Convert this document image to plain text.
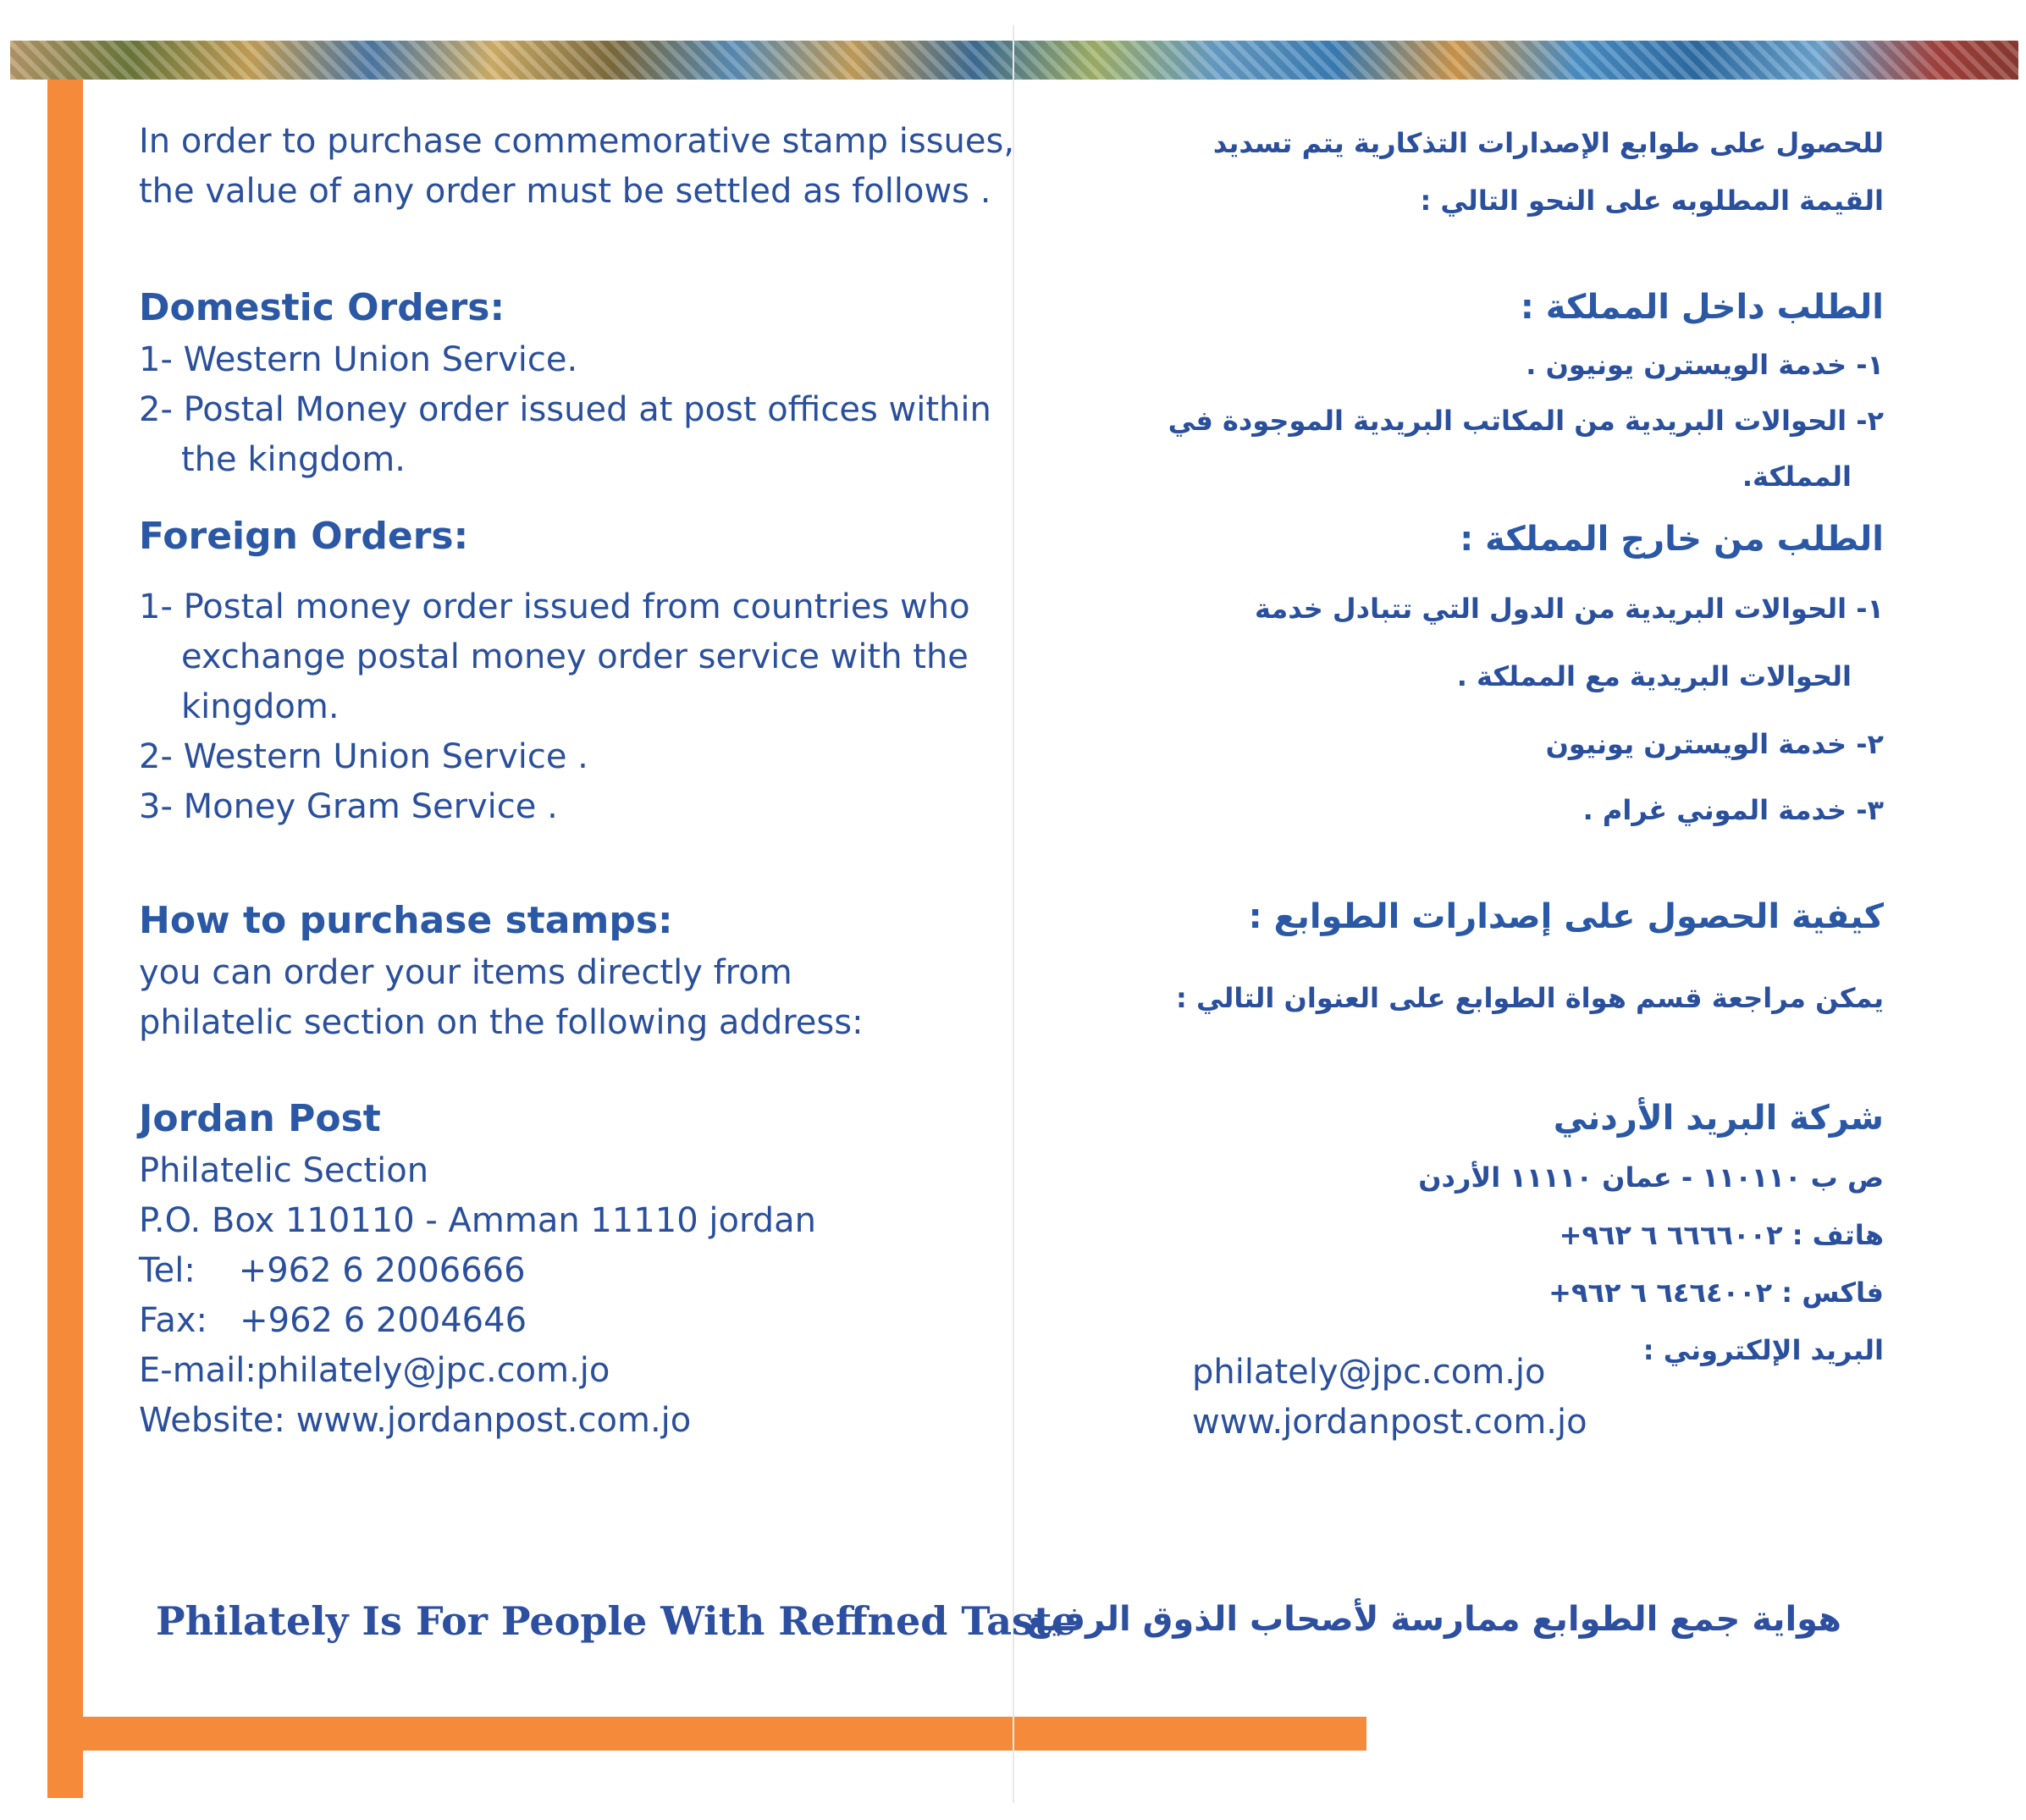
In order to purchase commemorative stamp issues,
the value of any order must be settled as follows .
Domestic Orders:
1- Western Union Service.
2- Postal Money order issued at post offices within
the kingdom.
Foreign Orders:
1- Postal money order issued from countries who
exchange postal money order service with the
kingdom.
2- Western Union Service .
3- Money Gram Service .
How to purchase stamps:
you can order your items directly from
philatelic section on the following address:
Jordan Post
Philatelic Section
P.O. Box 110110 - Amman 11110 jordan
Tel:    +962 6 2006666
Fax:   +962 6 2004646
E-mail:philately@jpc.com.jo
Website: www.jordanpost.com.jo
Philately Is For People With Reffned Taste
للحصول على طوابع الإصدارات التذكارية يتم تسديد
القيمة المطلوبه على النحو التالي :
الطلب داخل المملكة :
١- خدمة الويسترن يونيون .
٢- الحوالات البريدية من المكاتب البريدية الموجودة في
المملكة.
الطلب من خارج المملكة :
١- الحوالات البريدية من الدول التي تتبادل خدمة
الحوالات البريدية مع المملكة .
٢- خدمة الويسترن يونيون
٣- خدمة الموني غرام .
كيفية الحصول على إصدارات الطوابع :
يمكن مراجعة قسم هواة الطوابع على العنوان التالي :
شركة البريد الأردني
ص ب ١١٠١١٠ - عمان ١١١١٠ الأردن
هاتف : ٦٦٦٦٠٠٢ ٦ ٩٦٢+
فاكس : ٦٤٦٤٠٠٢ ٦ ٩٦٢+
البريد الإلكتروني :
philately@jpc.com.jo
www.jordanpost.com.jo
هواية جمع الطوابع ممارسة لأصحاب الذوق الرفيع
